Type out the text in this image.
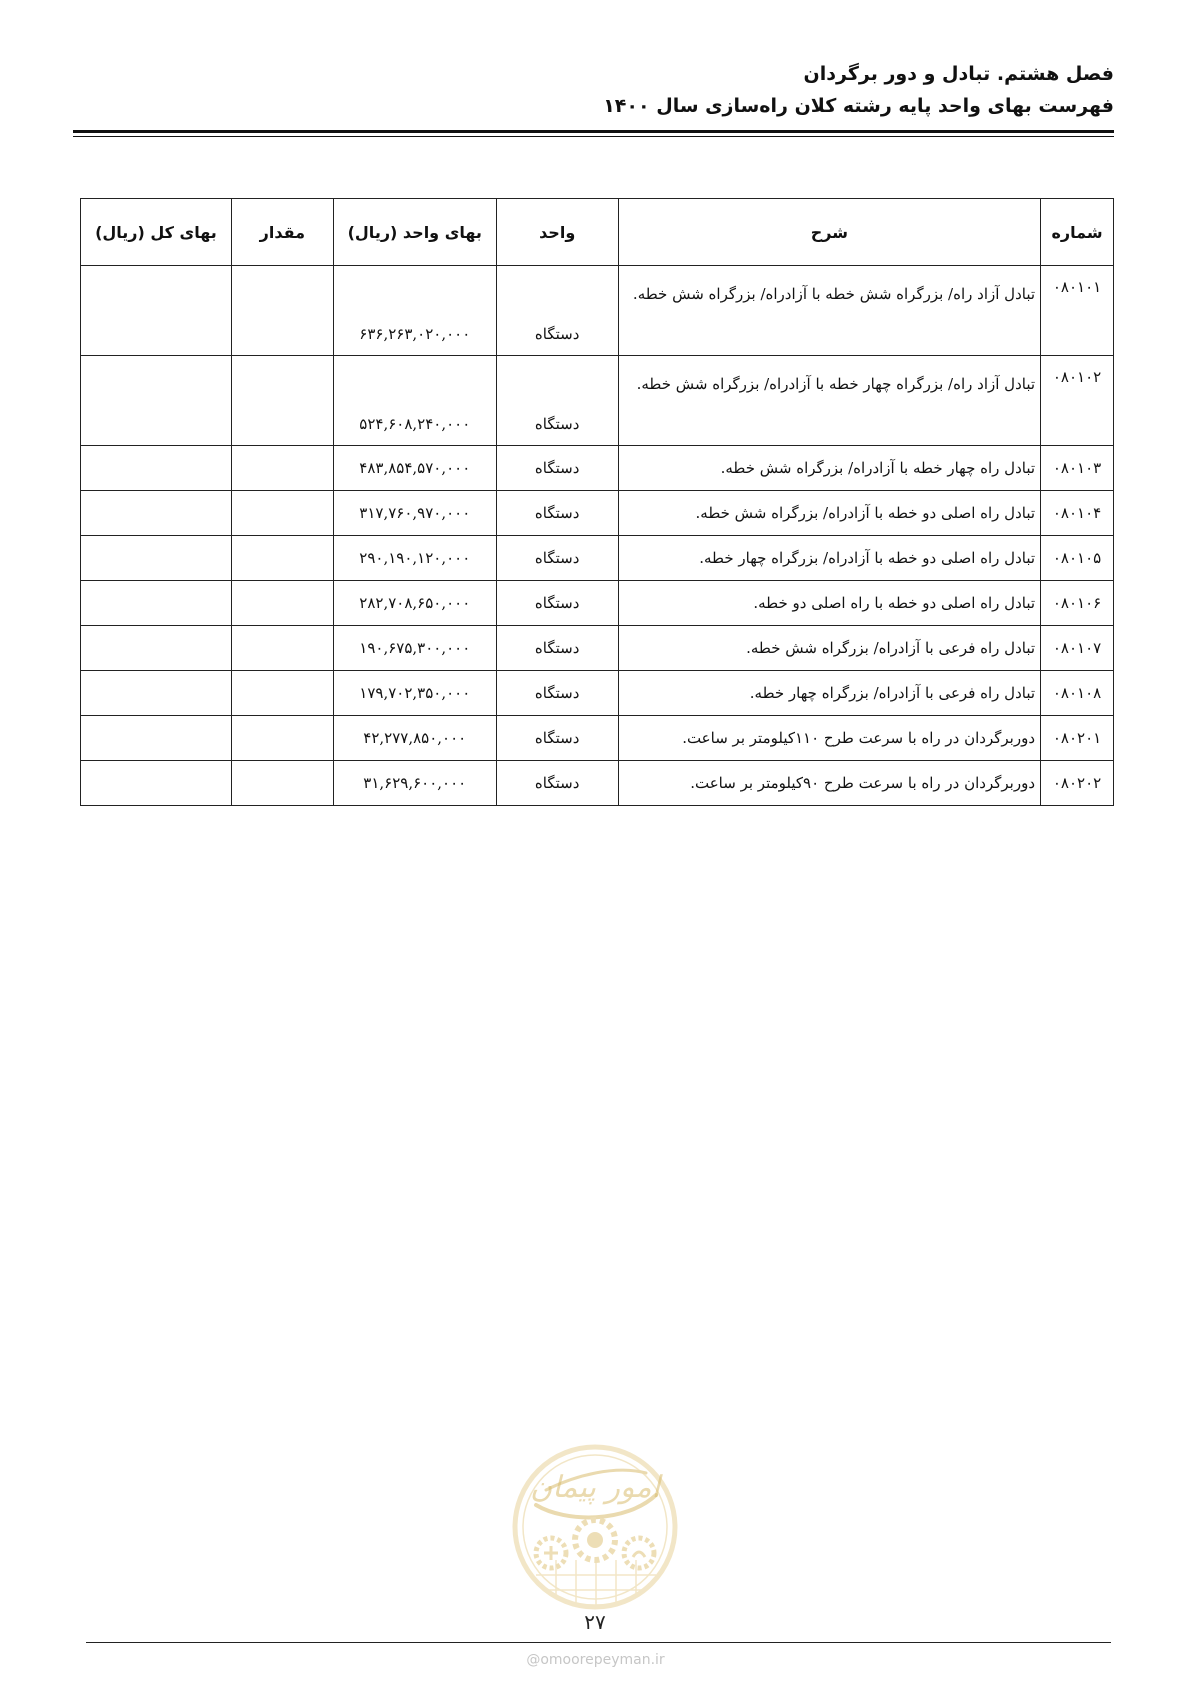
فصل هشتم. تبادل و دور برگردان
فهرست بهای واحد پایه رشته کلان راه‌سازی سال ۱۴۰۰
شماره	شرح	واحد	بهای واحد (ریال)	مقدار	بهای کل (ریال)
۰۸۰۱۰۱	تبادل آزاد راه/ بزرگراه شش خطه با آزادراه/ بزرگراه شش خطه.	دستگاه	۶۳۶,۲۶۳,۰۲۰,۰۰۰		
۰۸۰۱۰۲	تبادل آزاد راه/ بزرگراه چهار خطه با آزادراه/ بزرگراه شش خطه.	دستگاه	۵۲۴,۶۰۸,۲۴۰,۰۰۰		
۰۸۰۱۰۳	تبادل راه چهار خطه با آزادراه/ بزرگراه شش خطه.	دستگاه	۴۸۳,۸۵۴,۵۷۰,۰۰۰		
۰۸۰۱۰۴	تبادل راه اصلی دو خطه با آزادراه/ بزرگراه شش خطه.	دستگاه	۳۱۷,۷۶۰,۹۷۰,۰۰۰		
۰۸۰۱۰۵	تبادل راه اصلی دو خطه با آزادراه/ بزرگراه چهار خطه.	دستگاه	۲۹۰,۱۹۰,۱۲۰,۰۰۰		
۰۸۰۱۰۶	تبادل راه اصلی دو خطه با راه اصلی دو خطه.	دستگاه	۲۸۲,۷۰۸,۶۵۰,۰۰۰		
۰۸۰۱۰۷	تبادل راه فرعی با آزادراه/ بزرگراه شش خطه.	دستگاه	۱۹۰,۶۷۵,۳۰۰,۰۰۰		
۰۸۰۱۰۸	تبادل راه فرعی با آزادراه/ بزرگراه چهار خطه.	دستگاه	۱۷۹,۷۰۲,۳۵۰,۰۰۰		
۰۸۰۲۰۱	دوربرگردان در راه با سرعت طرح ۱۱۰کیلومتر بر ساعت.	دستگاه	۴۲,۲۷۷,۸۵۰,۰۰۰		
۰۸۰۲۰۲	دوربرگردان در راه با سرعت طرح ۹۰کیلومتر بر ساعت.	دستگاه	۳۱,۶۲۹,۶۰۰,۰۰۰		
امور پیمان
۲۷
@omoorepeyman.ir
